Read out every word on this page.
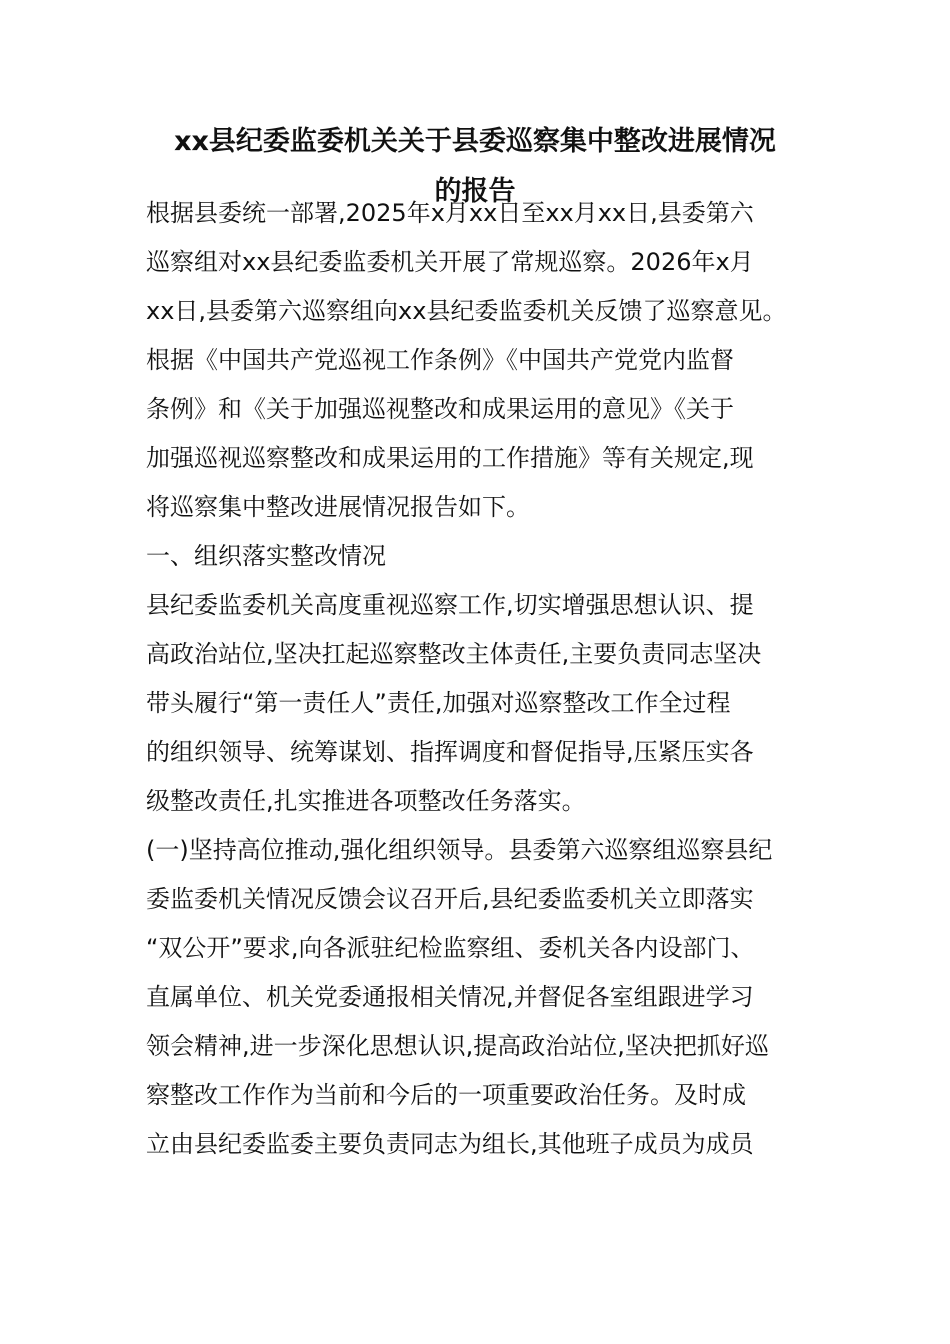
xx县纪委监委机关关于县委巡察集中整改进展情况
的报告
根据县委统一部署,2025年x月xx日至xx月xx日,县委第六
巡察组对xx县纪委监委机关开展了常规巡察。2026年x月
xx日,县委第六巡察组向xx县纪委监委机关反馈了巡察意见。
根据《中国共产党巡视工作条例》《中国共产党党内监督
条例》和《关于加强巡视整改和成果运用的意见》《关于
加强巡视巡察整改和成果运用的工作措施》等有关规定,现
将巡察集中整改进展情况报告如下。
一、组织落实整改情况
县纪委监委机关高度重视巡察工作,切实增强思想认识、提
高政治站位,坚决扛起巡察整改主体责任,主要负责同志坚决
带头履行“第一责任人”责任,加强对巡察整改工作全过程
的组织领导、统筹谋划、指挥调度和督促指导,压紧压实各
级整改责任,扎实推进各项整改任务落实。
(一)坚持高位推动,强化组织领导。县委第六巡察组巡察县纪
委监委机关情况反馈会议召开后,县纪委监委机关立即落实
“双公开”要求,向各派驻纪检监察组、委机关各内设部门、
直属单位、机关党委通报相关情况,并督促各室组跟进学习
领会精神,进一步深化思想认识,提高政治站位,坚决把抓好巡
察整改工作作为当前和今后的一项重要政治任务。及时成
立由县纪委监委主要负责同志为组长,其他班子成员为成员
